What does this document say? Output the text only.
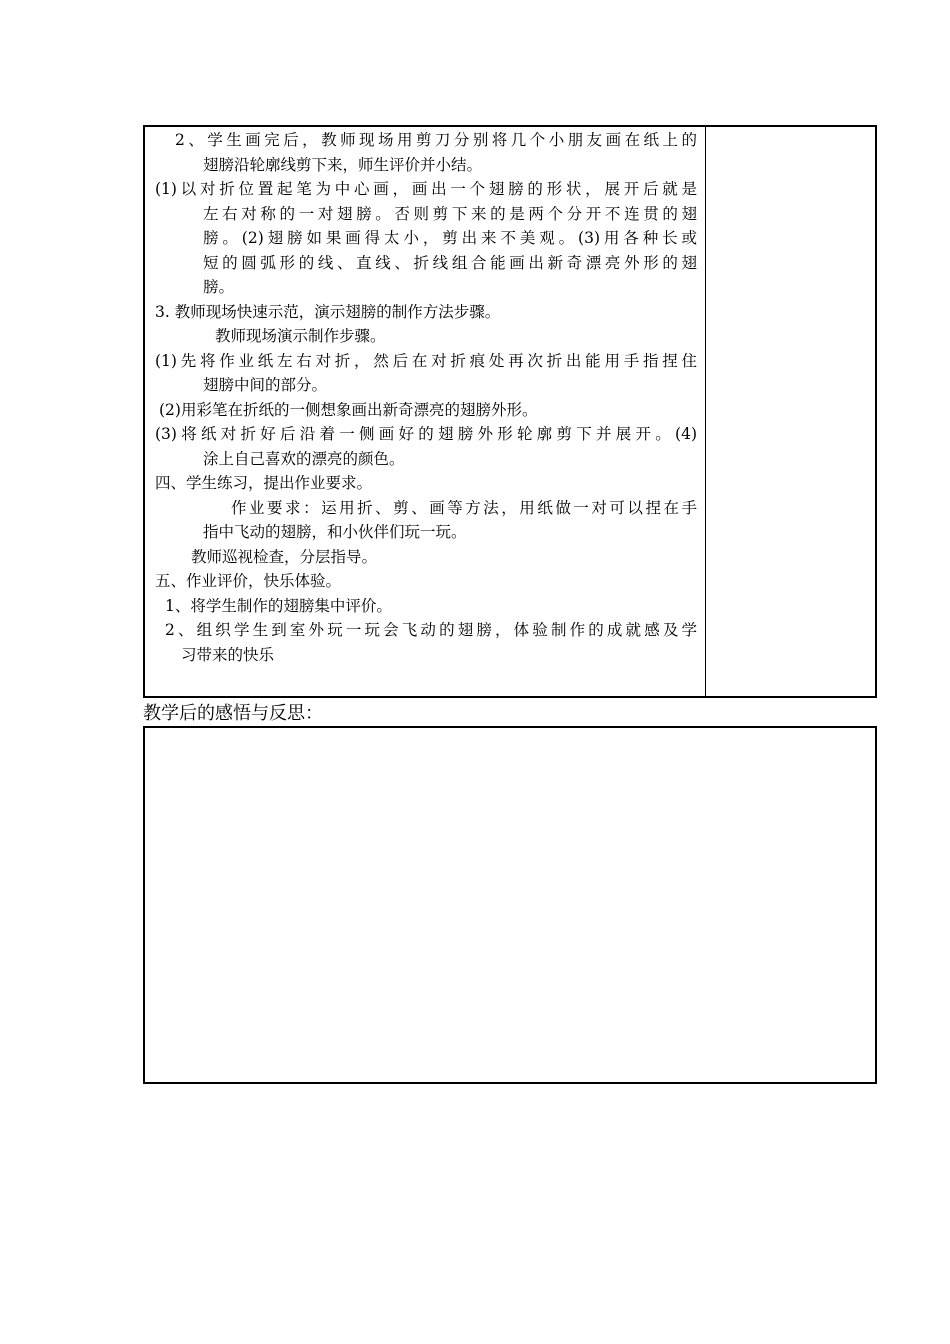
2、学生画完后，教师现场用剪刀分别将几个小朋友画在纸上的
翅膀沿轮廓线剪下来，师生评价并小结。
(1)以对折位置起笔为中心画，画出一个翅膀的形状，展开后就是
左右对称的一对翅膀。否则剪下来的是两个分开不连贯的翅
膀。(2)翅膀如果画得太小，剪出来不美观。(3)用各种长或
短的圆弧形的线、直线、折线组合能画出新奇漂亮外形的翅
膀。
3. 教师现场快速示范，演示翅膀的制作方法步骤。
教师现场演示制作步骤。
(1)先将作业纸左右对折，然后在对折痕处再次折出能用手指捏住
翅膀中间的部分。
(2)用彩笔在折纸的一侧想象画出新奇漂亮的翅膀外形。
(3)将纸对折好后沿着一侧画好的翅膀外形轮廓剪下并展开。(4)
涂上自己喜欢的漂亮的颜色。
四、学生练习，提出作业要求。
作业要求：运用折、剪、画等方法，用纸做一对可以捏在手
指中飞动的翅膀，和小伙伴们玩一玩。
教师巡视检查，分层指导。
五、作业评价，快乐体验。
1、将学生制作的翅膀集中评价。
2、组织学生到室外玩一玩会飞动的翅膀，体验制作的成就感及学
习带来的快乐
教学后的感悟与反思：
